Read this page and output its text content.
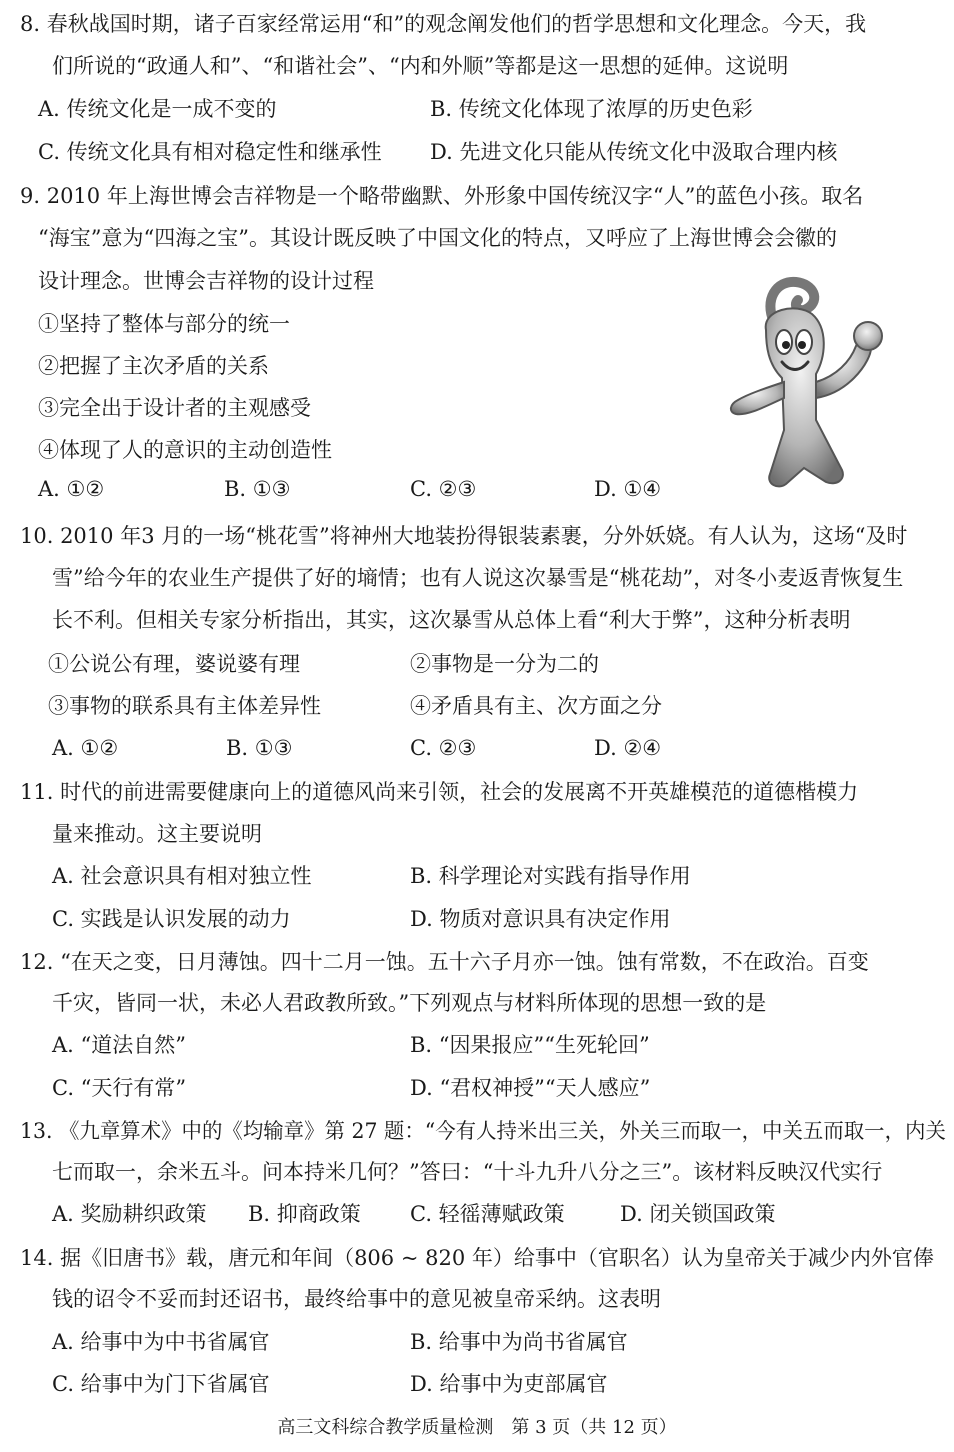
8. 春秋战国时期，诸子百家经常运用“和”的观念阐发他们的哲学思想和文化理念。今天，我
们所说的“政通人和”、“和谐社会”、“内和外顺”等都是这一思想的延伸。这说明
A. 传统文化是一成不变的	B. 传统文化体现了浓厚的历史色彩
C. 传统文化具有相对稳定性和继承性 D. 先进文化只能从传统文化中汲取合理内核
9. 2010 年上海世博会吉祥物是一个略带幽默、外形象中国传统汉字“人”的蓝色小孩。取名
“海宝”意为“四海之宝”。其设计既反映了中国文化的特点，又呼应了上海世博会会徽的
设计理念。世博会吉祥物的设计过程
①坚持了整体与部分的统一
②把握了主次矛盾的关系
③完全出于设计者的主观感受
④体现了人的意识的主动创造性
A. ①②	B. ①③	C. ②③	D. ①④
10. 2010 年3 月的一场“桃花雪”将神州大地装扮得银装素裹，分外妖娆。有人认为，这场“及时
雪”给今年的农业生产提供了好的墒情；也有人说这次暴雪是“桃花劫”，对冬小麦返青恢复生
长不利。但相关专家分析指出，其实，这次暴雪从总体上看“利大于弊”，这种分析表明
①公说公有理，婆说婆有理	②事物是一分为二的
③事物的联系具有主体差异性	④矛盾具有主、次方面之分
A. ①②	B. ①③	C. ②③	D. ②④
11. 时代的前进需要健康向上的道德风尚来引领，社会的发展离不开英雄模范的道德楷模力
量来推动。这主要说明
A. 社会意识具有相对独立性	B. 科学理论对实践有指导作用
C. 实践是认识发展的动力	D. 物质对意识具有决定作用
12. “在天之变，日月薄蚀。四十二月一蚀。五十六子月亦一蚀。蚀有常数，不在政治。百变
千灾，皆同一状，未必人君政教所致。”下列观点与材料所体现的思想一致的是
A. “道法自然”	B. “因果报应”“生死轮回”
C. “天行有常”	D. “君权神授”“天人感应”
13. 《九章算术》中的《均输章》第 27 题：“今有人持米出三关，外关三而取一，中关五而取一，内关
七而取一，余米五斗。问本持米几何？”答曰：“十斗九升八分之三”。该材料反映汉代实行
A. 奖励耕织政策 B. 抑商政策 C. 轻徭薄赋政策	D. 闭关锁国政策
14. 据《旧唐书》载，唐元和年间（806 ~ 820 年）给事中（官职名）认为皇帝关于减少内外官俸
钱的诏令不妥而封还诏书，最终给事中的意见被皇帝采纳。这表明
A. 给事中为中书省属官	B. 给事中为尚书省属官
C. 给事中为门下省属官	D. 给事中为吏部属官
高三文科综合教学质量检测　第 3 页（共 12 页）
